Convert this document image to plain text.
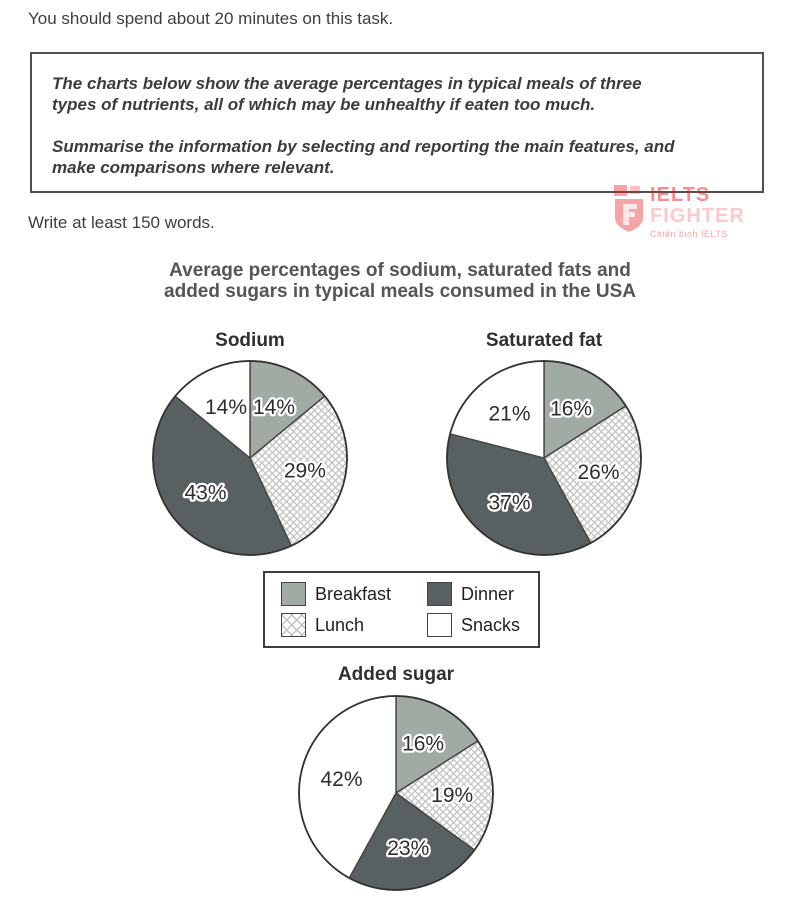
You should spend about 20 minutes on this task.

The charts below show the average percentages in typical meals of three
types of nutrients, all of which may be unhealthy if eaten too much.
Summarise the information by selecting and reporting the main features, and
make comparisons where relevant.

Write at least 150 words.

IELTS
FIGHTER
Chiến binh IELTS
Average percentages of sodium, saturated fats and
added sugars in typical meals consumed in the USA
Sodium	Saturated fat
14%
29%
43%
14%	16%
26%
37%
21%
Breakfast	Dinner
Lunch	Snacks
Added sugar
16%
19%
23%
42%
